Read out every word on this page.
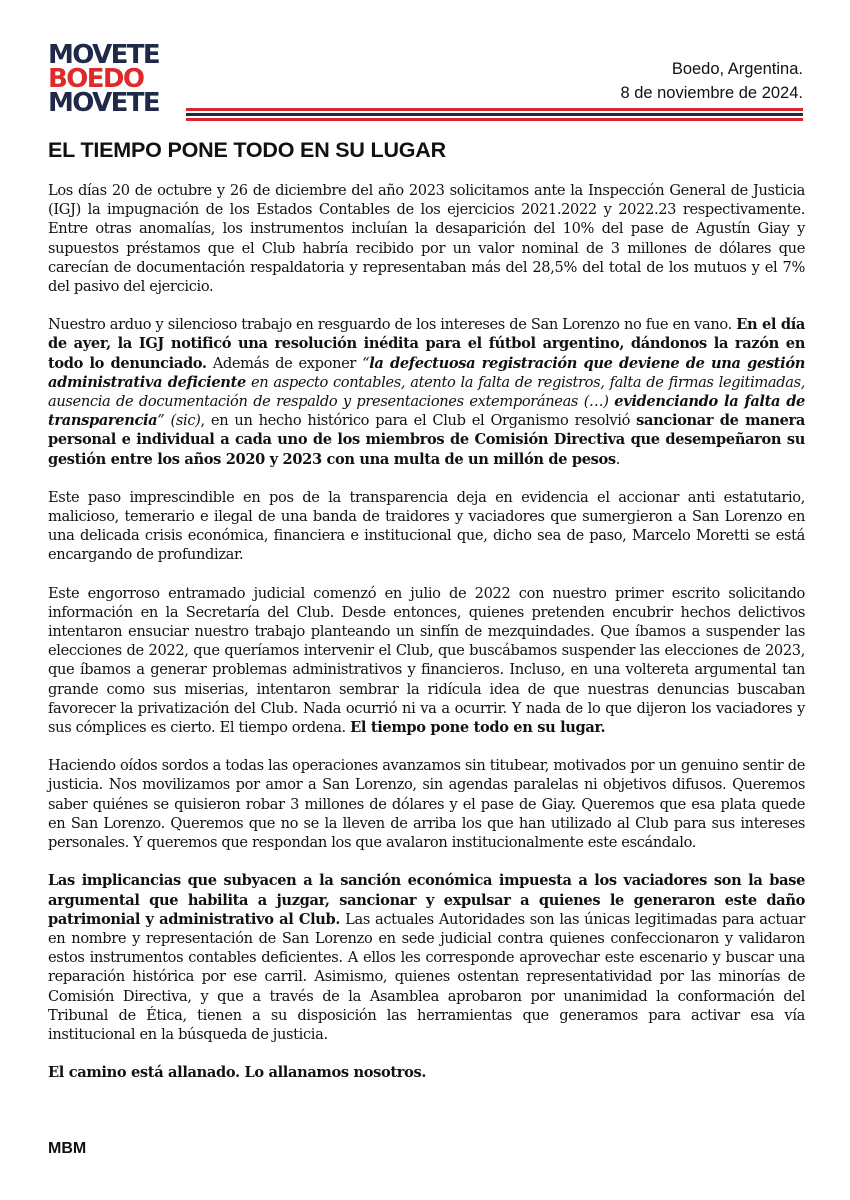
MOVETE
BOEDO
MOVETE
Boedo, Argentina.
8 de noviembre de 2024.
EL TIEMPO PONE TODO EN SU LUGAR

Los días 20 de octubre y 26 de diciembre del año 2023 solicitamos ante la Inspección General de Justicia (IGJ) la impugnación de los Estados Contables de los ejercicios 2021.2022 y 2022.23 respectivamente. Entre otras anomalías, los instrumentos incluían la desaparición del 10% del pase de Agustín Giay y supuestos préstamos que el Club habría recibido por un valor nominal de 3 millones de dólares que carecían de documentación respaldatoria y representaban más del 28,5% del total de los mutuos y el 7% del pasivo del ejercicio.

Nuestro arduo y silencioso trabajo en resguardo de los intereses de San Lorenzo no fue en vano. En el día de ayer, la IGJ notificó una resolución inédita para el fútbol argentino, dándonos la razón en todo lo denunciado. Además de exponer “la defectuosa registración que deviene de una gestión administrativa deficiente en aspecto contables, atento la falta de registros, falta de firmas legitimadas, ausencia de documentación de respaldo y presentaciones extemporáneas (…) evidenciando la falta de transparencia” (sic), en un hecho histórico para el Club el Organismo resolvió sancionar de manera personal e individual a cada uno de los miembros de Comisión Directiva que desempeñaron su gestión entre los años 2020 y 2023 con una multa de un millón de pesos.

Este paso imprescindible en pos de la transparencia deja en evidencia el accionar anti estatutario, malicioso, temerario e ilegal de una banda de traidores y vaciadores que sumergieron a San Lorenzo en una delicada crisis económica, financiera e institucional que, dicho sea de paso, Marcelo Moretti se está encargando de profundizar.

Este engorroso entramado judicial comenzó en julio de 2022 con nuestro primer escrito solicitando información en la Secretaría del Club. Desde entonces, quienes pretenden encubrir hechos delictivos intentaron ensuciar nuestro trabajo planteando un sinfín de mezquindades. Que íbamos a suspender las elecciones de 2022, que queríamos intervenir el Club, que buscábamos suspender las elecciones de 2023, que íbamos a generar problemas administrativos y financieros. Incluso, en una voltereta argumental tan grande como sus miserias, intentaron sembrar la ridícula idea de que nuestras denuncias buscaban favorecer la privatización del Club. Nada ocurrió ni va a ocurrir. Y nada de lo que dijeron los vaciadores y sus cómplices es cierto. El tiempo ordena. El tiempo pone todo en su lugar.

Haciendo oídos sordos a todas las operaciones avanzamos sin titubear, motivados por un genuino sentir de justicia. Nos movilizamos por amor a San Lorenzo, sin agendas paralelas ni objetivos difusos. Queremos saber quiénes se quisieron robar 3 millones de dólares y el pase de Giay. Queremos que esa plata quede en San Lorenzo. Queremos que no se la lleven de arriba los que han utilizado al Club para sus intereses personales. Y queremos que respondan los que avalaron institucionalmente este escándalo.

Las implicancias que subyacen a la sanción económica impuesta a los vaciadores son la base argumental que habilita a juzgar, sancionar y expulsar a quienes le generaron este daño patrimonial y administrativo al Club. Las actuales Autoridades son las únicas legitimadas para actuar en nombre y representación de San Lorenzo en sede judicial contra quienes confeccionaron y validaron estos instrumentos contables deficientes. A ellos les corresponde aprovechar este escenario y buscar una reparación histórica por ese carril. Asimismo, quienes ostentan representatividad por las minorías de Comisión Directiva, y que a través de la Asamblea aprobaron por unanimidad la conformación del Tribunal de Ética, tienen a su disposición las herramientas que generamos para activar esa vía institucional en la búsqueda de justicia.

El camino está allanado. Lo allanamos nosotros.

MBM
